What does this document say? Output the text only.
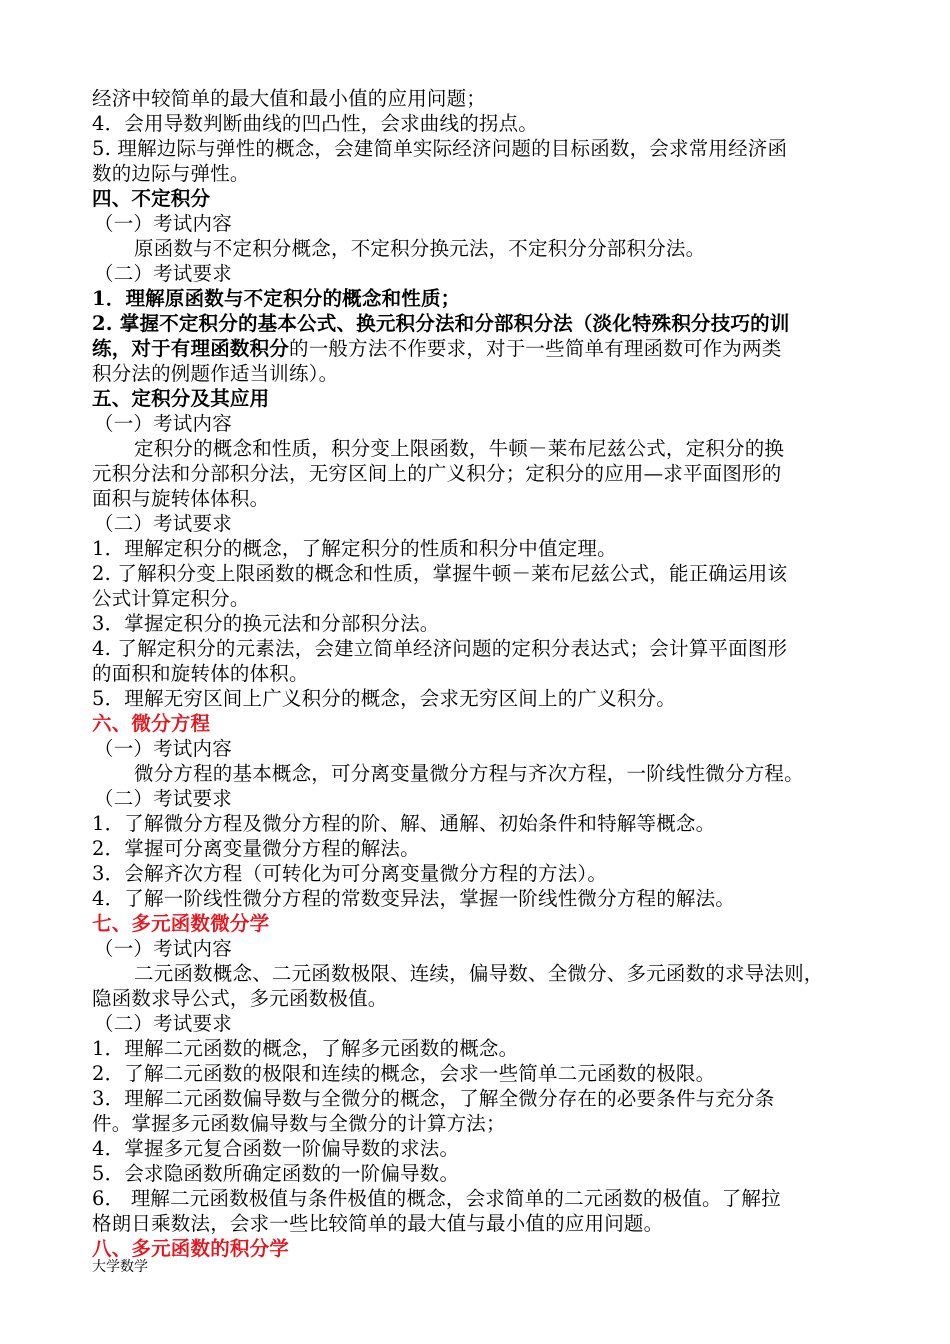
经济中较简单的最大值和最小值的应用问题；
4．会用导数判断曲线的凹凸性，会求曲线的拐点。
5. 理解边际与弹性的概念，会建简单实际经济问题的目标函数，会求常用经济函
数的边际与弹性。
四、不定积分
（一）考试内容
原函数与不定积分概念，不定积分换元法，不定积分分部积分法。
（二）考试要求
1．理解原函数与不定积分的概念和性质；
2. 掌握不定积分的基本公式、换元积分法和分部积分法（淡化特殊积分技巧的训
练，对于有理函数积分的一般方法不作要求，对于一些简单有理函数可作为两类
积分法的例题作适当训练）。
五、定积分及其应用
（一）考试内容
定积分的概念和性质，积分变上限函数，牛顿－莱布尼兹公式，定积分的换
元积分法和分部积分法，无穷区间上的广义积分；定积分的应用—求平面图形的
面积与旋转体体积。
（二）考试要求
1．理解定积分的概念，了解定积分的性质和积分中值定理。
2. 了解积分变上限函数的概念和性质，掌握牛顿－莱布尼兹公式，能正确运用该
公式计算定积分。
3．掌握定积分的换元法和分部积分法。
4. 了解定积分的元素法，会建立简单经济问题的定积分表达式；会计算平面图形
的面积和旋转体的体积。
5．理解无穷区间上广义积分的概念，会求无穷区间上的广义积分。
六、微分方程
（一）考试内容
微分方程的基本概念，可分离变量微分方程与齐次方程，一阶线性微分方程。
（二）考试要求
1．了解微分方程及微分方程的阶、解、通解、初始条件和特解等概念。
2．掌握可分离变量微分方程的解法。
3．会解齐次方程（可转化为可分离变量微分方程的方法）。
4．了解一阶线性微分方程的常数变异法，掌握一阶线性微分方程的解法。
七、多元函数微分学
（一）考试内容
二元函数概念、二元函数极限、连续，偏导数、全微分、多元函数的求导法则，
隐函数求导公式，多元函数极值。
（二）考试要求
1．理解二元函数的概念，了解多元函数的概念。
2．了解二元函数的极限和连续的概念，会求一些简单二元函数的极限。
3．理解二元函数偏导数与全微分的概念，了解全微分存在的必要条件与充分条
件。掌握多元函数偏导数与全微分的计算方法；
4．掌握多元复合函数一阶偏导数的求法。
5．会求隐函数所确定函数的一阶偏导数。
6． 理解二元函数极值与条件极值的概念，会求简单的二元函数的极值。了解拉
格朗日乘数法，会求一些比较简单的最大值与最小值的应用问题。
八、多元函数的积分学
大学数学
